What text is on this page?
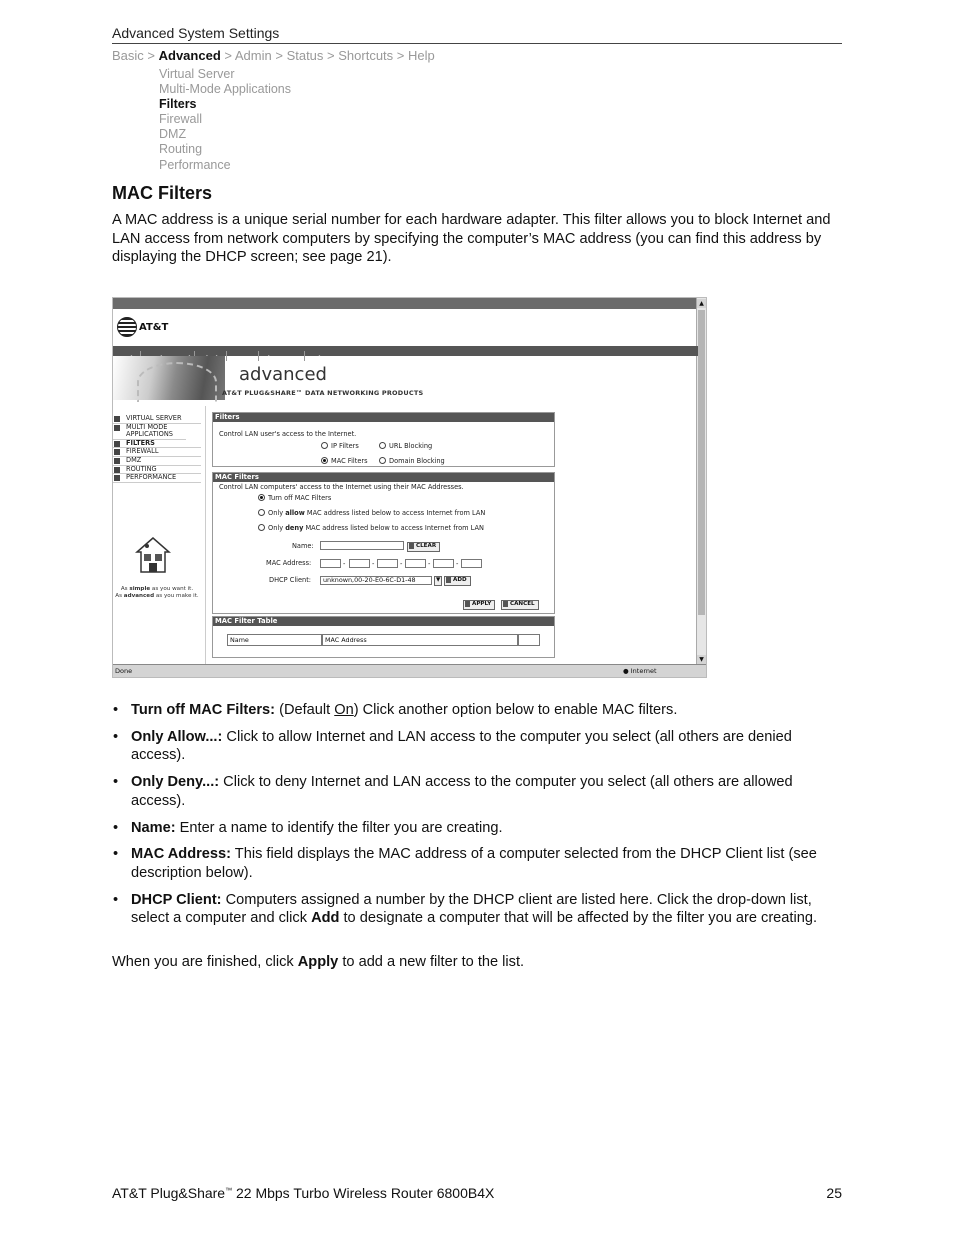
Advanced System Settings
Basic > Advanced > Admin > Status > Shortcuts > Help
Virtual Server
Multi-Mode Applications
Filters
Firewall
DMZ
Routing
Performance
MAC Filters
A MAC address is a unique serial number for each hardware adapter. This filter allows you to block Internet and LAN access from network computers by specifying the computer’s MAC address (you can find this address by displaying the DHCP screen; see page 21).
▲
▼
AT&T
Status Shortcuts Help
advanced
AT&T PLUG&SHARE™ DATA NETWORKING PRODUCTS
VIRTUAL SERVER
MULTI MODE APPLICATIONS
FILTERS
FIREWALL
DMZ
ROUTING
PERFORMANCE
As simple as you want it.
As advanced as you make it.
Filters
Control LAN user's access to the Internet.
IP Filters	URL Blocking
MAC Filters	Domain Blocking
MAC Filters
Control LAN computers' access to the Internet using their MAC Addresses.
Turn off MAC Filters
Only allow MAC address listed below to access Internet from LAN
Only deny MAC address listed below to access Internet from LAN
Name:	CLEAR
MAC Address:	-	-	-	-	-
DHCP Client:	unknown,00-20-E0-6C-D1-48	▼	ADD
APPLY	CANCEL
MAC Filter Table
Name	MAC Address
Done	● Internet
• Turn off MAC Filters: (Default On) Click another option below to enable MAC filters.
• Only Allow...: Click to allow Internet and LAN access to the computer you select (all others are denied access).
• Only Deny...: Click to deny Internet and LAN access to the computer you select (all others are allowed access).
• Name: Enter a name to identify the filter you are creating.
• MAC Address: This field displays the MAC address of a computer selected from the DHCP Client list (see description below).
• DHCP Client: Computers assigned a number by the DHCP client are listed here. Click the drop-down list, select a computer and click Add to designate a computer that will be affected by the filter you are creating.
When you are finished, click Apply to add a new filter to the list.
AT&T Plug&Share™ 22 Mbps Turbo Wireless Router 6800B4X	25
